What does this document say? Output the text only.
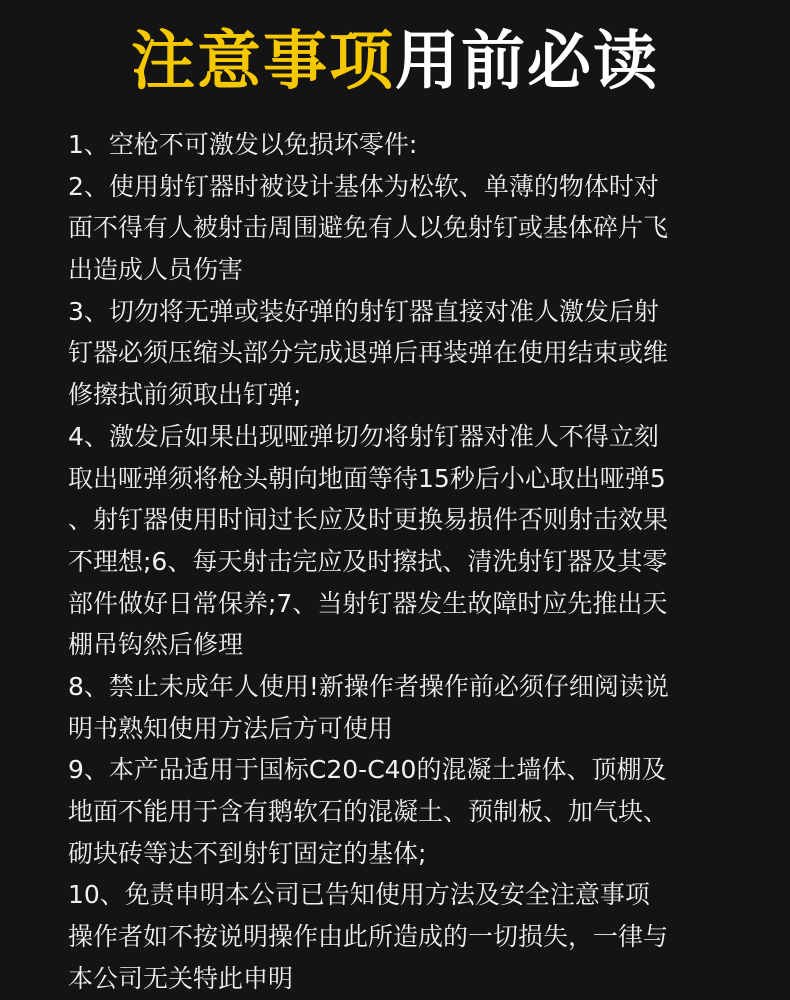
注意事项用前必读
1、空枪不可激发以免损坏零件:
2、使用射钉器时被设计基体为松软、单薄的物体时对
面不得有人被射击周围避免有人以免射钉或基体碎片飞
出造成人员伤害
3、切勿将无弹或装好弹的射钉器直接对准人激发后射
钉器必须压缩头部分完成退弹后再装弹在使用结束或维
修擦拭前须取出钉弹;
4、激发后如果出现哑弹切勿将射钉器对准人不得立刻
取出哑弹须将枪头朝向地面等待15秒后小心取出哑弹5
、射钉器使用时间过长应及时更换易损件否则射击效果
不理想;6、每天射击完应及时擦拭、清洗射钉器及其零
部件做好日常保养;7、当射钉器发生故障时应先推出天
棚吊钩然后修理
8、禁止未成年人使用!新操作者操作前必须仔细阅读说
明书熟知使用方法后方可使用
9、本产品适用于国标C20-C40的混凝土墙体、顶棚及
地面不能用于含有鹅软石的混凝土、预制板、加气块、
砌块砖等达不到射钉固定的基体;
10、免责申明本公司已告知使用方法及安全注意事项
操作者如不按说明操作由此所造成的一切损失，一律与
本公司无关特此申明
